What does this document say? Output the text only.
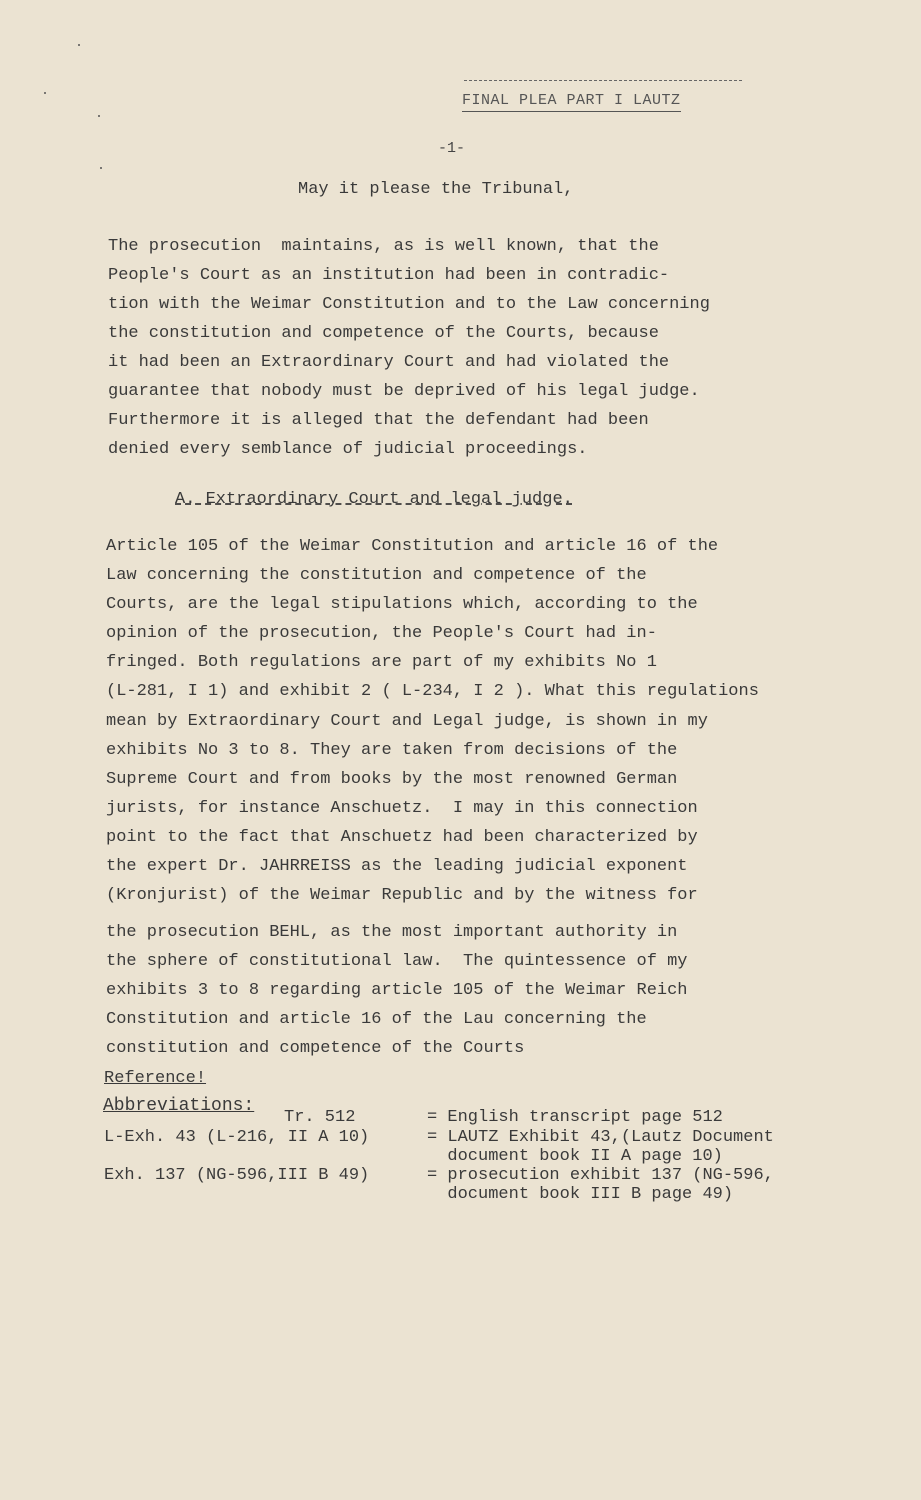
FINAL PLEA PART I LAUTZ
-1-
May it please the Tribunal,
The prosecution  maintains, as is well known, that the
People's Court as an institution had been in contradic-
tion with the Weimar Constitution and to the Law concerning
the constitution and competence of the Courts, because
it had been an Extraordinary Court and had violated the
guarantee that nobody must be deprived of his legal judge.
Furthermore it is alleged that the defendant had been
denied every semblance of judicial proceedings.
A. Extraordinary Court and legal judge.
Article 105 of the Weimar Constitution and article 16 of the
Law concerning the constitution and competence of the
Courts, are the legal stipulations which, according to the
opinion of the prosecution, the People's Court had in-
fringed. Both regulations are part of my exhibits No 1
(L-281, I 1) and exhibit 2 ( L-234, I 2 ). What this regulations
mean by Extraordinary Court and Legal judge, is shown in my
exhibits No 3 to 8. They are taken from decisions of the
Supreme Court and from books by the most renowned German
jurists, for instance Anschuetz.  I may in this connection
point to the fact that Anschuetz had been characterized by
the expert Dr. JAHRREISS as the leading judicial exponent
(Kronjurist) of the Weimar Republic and by the witness for
the prosecution BEHL, as the most important authority in
the sphere of constitutional law.  The quintessence of my
exhibits 3 to 8 regarding article 105 of the Weimar Reich
Constitution and article 16 of the Lau concerning the
constitution and competence of the Courts
Reference!
Abbreviations:
Tr. 512	= English transcript page 512
L-Exh. 43 (L-216, II A 10)	= LAUTZ Exhibit 43,(Lautz Document
document book II A page 10)
Exh. 137 (NG-596,III B 49)	= prosecution exhibit 137 (NG-596,
document book III B page 49)
